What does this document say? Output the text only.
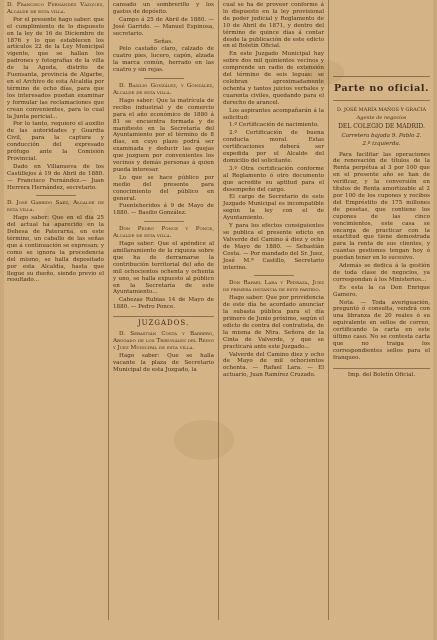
D. Francisco Fernández Vázquez, Alcalde de esta villa.

Por el presente hago saber: que el cumplimiento de lo dispuesto en la ley de 16 de Diciembre de 1876 y lo que establecen los artículos 22 de la Ley Municipal vigente, que se hallan los padrones y fotografías de la villa de la Aguda, distrito de Fuensanta, provincia de Algarbe, en el Archivo de esta Alcaldía por término de ocho días, para que los interesados puedan examinar y formular las reclamaciones que crean convenientes, para lo cual la Junta pericial...

Por lo tanto, requiero el auxilio de las autoridades y Guardia Civil, para la captura y conducción del expresado prófugo ante la Comisión Provincial.

Dado en Villanueva de los Castillejos á 19 de Abril de 1880. — Francisco Fernández.— Juan Herrera Hernández, secretario.

D. José Garrido Saez, Alcalde de esta villa.

Hago saber: Que en el dia 25 del actual ha aparecido en la Dehesa de Paterarna, en este término, un caballo de las señas que á continuación se expresan; y como se ignora la procedencia del mismo, se halla depositado por esta Alcaldía, hasta que llegue su dueño, siendo previo el resultado...

cansado un sombrerillo y los gastos de depósito.

Campo á 25 de Abril de 1880. — José Garrido. — Manuel Espinosa, secretario.

Señas.

Pelo castaño claro, calzado de cuatro pies, lucero, capón, alzada la marca común, herrado en las cuatro y sin rejas.

D. Basilio González, y González, Alcalde de esta villa.

Hago saber: Que la matrícula de recibo industrial y de comercio para el año económico de 1880 á 81 se encuentra formada y de manifiesto en la Secretaría del Ayuntamiento por el término de 8 días, en cuyo plazo podrá ser examinada y deducir las quejas que juzguen por convenientes los vecinos y demás personas á quien pueda interesar.

Lo que se hace público por medio del presente para conocimiento del público en general.

Fuenteheridos á 9 de Mayo de 1880. — Basilio González.

Don Pedro Ponce y Ponce, Alcalde de esta villa.

Hago saber: Que el apéndice al amillaramiento de la riqueza sobre que ha de derramarse la contribución territorial del año de mil ochocientos ochenta y ochenta y uno, se halla expuesto al público en la Secretaría de este Ayuntamiento...

Cabezas Rubias 14 de Mayo de 1880. — Pedro Ponce.

JUZGADOS.

D. Sebastián Costa y Barrero, Abogado de los Tribunales del Reino y Juez Municipal de esta villa.

Hago saber: Que se halla vacante la plaza de Secretario Municipal de esta Juzgado, la

cual se ha de proveer conforme á lo dispuesto en la ley provisional de poder judicial y Reglamento de 10 de Abril de 1871, y dentro del término de quince días á contar desde la publicación de este edicto en el Boletín Oficial.

En este Juzgado Municipal hay sobre dos mil quinientos vecinos y comprende un radio de extensión del término de seis leguas: se celebran aproximadamente ochenta y tantos juicios verbales y cuarenta civiles, quedando para el derecho de arancel.

Los aspirantes acompañarán á la solicitud:

1.º Certificación de nacimiento.

2.º Certificación de buena conducta moral. Estas certificaciones deberá ser expedida por el Alcalde del domicilio del solicitante.

3.º Otra certificación conforme al Reglamento ó otro documento que acredite su aptitud para el desempeño del cargo.

El cargo de Secretario de este Juzgado Municipal es incompatible según la ley con el de Ayuntamiento.

Y para los efectos consiguientes se publica el presente edicto en Valverde del Camino á diez y ocho de Mayo de 1880. — Sebastián Costa. — Por mandado del Sr. Juez, José M.ª Castillo, Secretario interino.

Don Rafael Lara y Pedraza, Juez de primera instancia de este partido.

Hago saber: Que por providencia de este día he acordado anunciar la subasta pública para el día primero de Junio próximo, según el edicto de contra del contratista, de la misma de Ntra. Señora de la Cinta de Valverde, y que se practicará ante este Juzgado...

Valverde del Camino diez y ocho de Mayo de mil ochocientos ochenta. — Rafael Lara. — El actuario, Juan Ramírez Cruzado.

Parte no oficial.

D. JOSÉ MARÍA MAÑOS Y GRACIA

Agente de negocios

DEL COLEGIO DE MADRID.

Carretera bajada 9. Pablo 2.

2.º izquierda.

Para facilitar las operaciones de renovación de títulos de la Renta perpétua al 3 por 100 que en el presente año se han de verificar, y la conversión en títulos de Renta amortizable al 2 por 100 de los cupones y recibos del Empréstito de 175 millones de pesetas, que contiene los cupones de las cinco vencimientos, este casa se encarga de practicar con la exactitud que tiene demostrada para la renta de sus clientes, y cuantas gestiones tengan hoy ó puedan tener en lo sucesivo.

Además se dedica á la gestión de toda clase de negocios, ya correspondan á los Ministerios...

Es esta la ca Don Enrique Gamero.

Nota. — Toda averiguación, preguntó ó consulta, vendrá con una libranza de 20 reales ó su equivalente en sellos de correo, certificando la carta en este último caso. No se contesta carta que no traiga los correspondientes sellos para el franqueo.

Imp. del Boletín Oficial.
